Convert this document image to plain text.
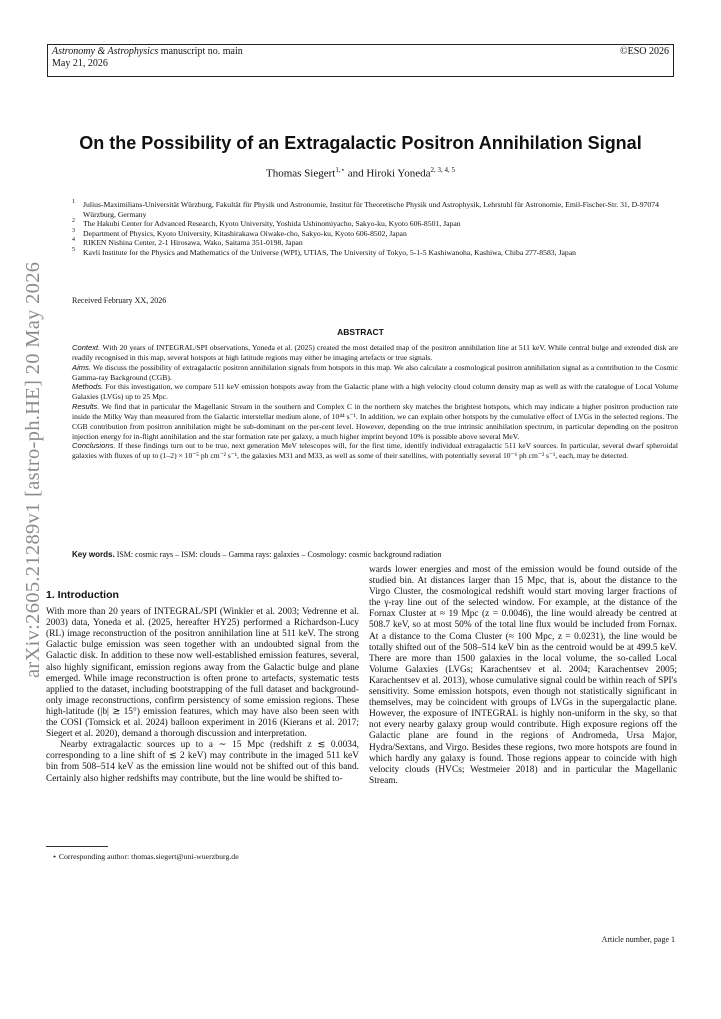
Astronomy & Astrophysics manuscript no. main
May 21, 2026
©ESO 2026
arXiv:2605.21289v1 [astro-ph.HE] 20 May 2026
On the Possibility of an Extragalactic Positron Annihilation Signal
Thomas Siegert$^{1,⋆}$ and Hiroki Yoneda$^{2, 3, 4, 5}$
1 Julius-Maximilians-Universität Würzburg, Fakultät für Physik und Astronomie, Institut für Theoretische Physik und Astrophysik, Lehrstuhl für Astronomie, Emil-Fischer-Str. 31, D-97074 Würzburg, Germany
2 The Hakubi Center for Advanced Research, Kyoto University, Yoshida Ushinomiyacho, Sakyo-ku, Kyoto 606-8501, Japan
3 Department of Physics, Kyoto University, Kitashirakawa Oiwake-cho, Sakyo-ku, Kyoto 606-8502, Japan
4 RIKEN Nishina Center, 2-1 Hirosawa, Wako, Saitama 351-0198, Japan
5 Kavli Institute for the Physics and Mathematics of the Universe (WPI), UTIAS, The University of Tokyo, 5-1-5 Kashiwanoha, Kashiwa, Chiba 277-8583, Japan
Received February XX, 2026
ABSTRACT

Context. With 20 years of INTEGRAL/SPI observations, Yoneda et al. (2025) created the most detailed map of the positron annihilation line at 511 keV. While central bulge and extended disk are readily recognised in this map, several hotspots at high latitude regions may either be imaging artefacts or true signals.

Aims. We discuss the possibility of extragalactic positron annihilation signals from hotspots in this map. We also calculate a cosmological positron annihilation signal as a contribution to the Cosmic Gamma-ray Background (CGB).

Methods. For this investigation, we compare 511 keV emission hotspots away from the Galactic plane with a high velocity cloud column density map as well as with the catalogue of Local Volume Galaxies (LVGs) up to 25 Mpc.

Results. We find that in particular the Magellanic Stream in the southern and Complex C in the northern sky matches the brightest hotspots, which may indicate a higher positron production rate inside the Milky Way than measured from the Galactic interstellar medium alone, of 10⁴⁴ s⁻¹. In addition, we can explain other hotspots by the cumulative effect of LVGs in the selected regions. The CGB contribution from positron annihilation might be sub-dominant on the per-cent level. However, depending on the true intrinsic annihilation spectrum, in particular depending on the positron injection energy for in-flight annihilation and the star formation rate per galaxy, a much higher imprint beyond 10% is possible above several MeV.

Conclusions. If these findings turn out to be true, next generation MeV telescopes will, for the first time, identify individual extragalactic 511 keV sources. In particular, several dwarf spheroidal galaxies with fluxes of up to (1–2) × 10⁻⁵ ph cm⁻² s⁻¹, the galaxies M31 and M33, as well as some of their satellites, with potentially several 10⁻⁶ ph cm⁻² s⁻¹, each, may be detected.

Key words. ISM: cosmic rays – ISM: clouds – Gamma rays: galaxies – Cosmology: cosmic background radiation
1. Introduction

With more than 20 years of INTEGRAL/SPI (Winkler et al. 2003; Vedrenne et al. 2003) data, Yoneda et al. (2025, hereafter HY25) performed a Richardson-Lucy (RL) image reconstruction of the positron annihilation line at 511 keV. The strong Galactic bulge emission was seen together with an undoubted signal from the Galactic disk. In addition to these now well-established emission features, several, also highly significant, emission regions away from the Galactic bulge and plane emerged. While image reconstruction is often prone to artefacts, systematic tests applied to the dataset, including bootstrapping of the full dataset and background-only image reconstructions, confirm persistency of some emission regions. These high-latitude (|b| ≳ 15°) emission features, which may have also been seen with the COSI (Tomsick et al. 2024) balloon experiment in 2016 (Kierans et al. 2017; Siegert et al. 2020), demand a thorough discussion and interpretation.

Nearby extragalactic sources up to a ∼ 15 Mpc (redshift z ≲ 0.0034, corresponding to a line shift of ≲ 2 keV) may contribute in the imaged 511 keV bin from 508–514 keV as the emission line would not be shifted out of this band. Certainly also higher redshifts may contribute, but the line would be shifted to-

wards lower energies and most of the emission would be found outside of the studied bin. At distances larger than 15 Mpc, that is, about the distance to the Virgo Cluster, the cosmological redshift would start moving larger fractions of the γ-ray line out of the selected window. For example, at the distance of the Fornax Cluster at ≈ 19 Mpc (z = 0.0046), the line would already be centred at 508.7 keV, so at most 50% of the total line flux would be included from Fornax. At a distance to the Coma Cluster (≈ 100 Mpc, z = 0.0231), the line would be totally shifted out of the 508–514 keV bin as the centroid would be at 499.5 keV. There are more than 1500 galaxies in the local volume, the so-called Local Volume Galaxies (LVGs; Karachentsev et al. 2004; Karachentsev 2005; Karachentsev et al. 2013), whose cumulative signal could be within reach of SPI's sensitivity. Some emission hotspots, even though not statistically significant in themselves, may be coincident with groups of LVGs in the supergalactic plane. However, the exposure of INTEGRAL is highly non-uniform in the sky, so that not every nearby galaxy group would contribute. High exposure regions off the Galactic plane are found in the regions of Andromeda, Ursa Major, Hydra/Sextans, and Virgo. Besides these regions, two more hotspots are found in which hardly any galaxy is found. Those regions appear to coincide with high velocity clouds (HVCs; Westmeier 2018) and in particular the Magellanic Stream.

⋆ Corresponding author: thomas.siegert@uni-wuerzburg.de
Article number, page 1
